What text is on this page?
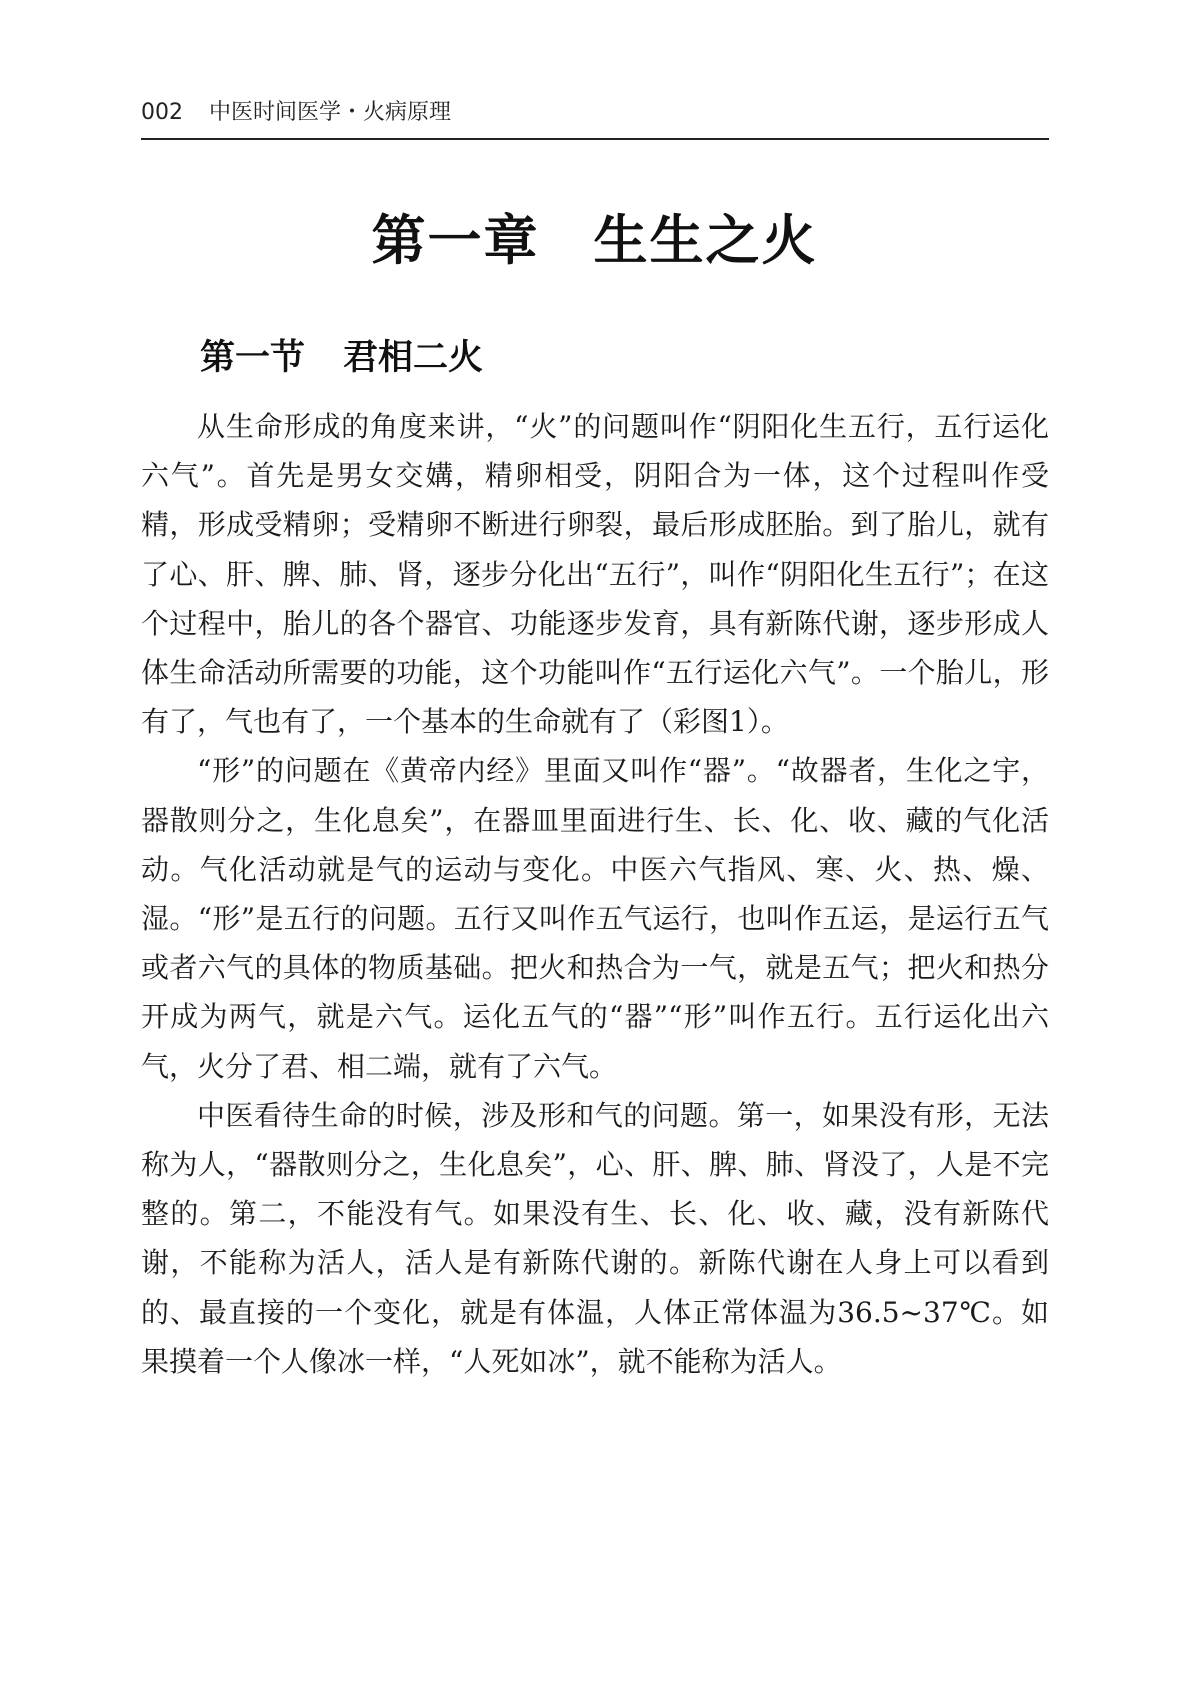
002 中医时间医学・火病原理
第一章 生生之火
第一节 君相二火

从生命形成的角度来讲，“火”的问题叫作“阴阳化生五行，五行运化六气”。首先是男女交媾，精卵相受，阴阳合为一体，这个过程叫作受精，形成受精卵；受精卵不断进行卵裂，最后形成胚胎。到了胎儿，就有了心、肝、脾、肺、肾，逐步分化出“五行”，叫作“阴阳化生五行”；在这个过程中，胎儿的各个器官、功能逐步发育，具有新陈代谢，逐步形成人体生命活动所需要的功能，这个功能叫作“五行运化六气”。一个胎儿，形有了，气也有了，一个基本的生命就有了（彩图1）。

“形”的问题在《黄帝内经》里面又叫作“器”。“故器者，生化之宇，器散则分之，生化息矣”，在器皿里面进行生、长、化、收、藏的气化活动。气化活动就是气的运动与变化。中医六气指风、寒、火、热、燥、湿。“形”是五行的问题。五行又叫作五气运行，也叫作五运，是运行五气或者六气的具体的物质基础。把火和热合为一气，就是五气；把火和热分开成为两气，就是六气。运化五气的“器”“形”叫作五行。五行运化出六气，火分了君、相二端，就有了六气。

中医看待生命的时候，涉及形和气的问题。第一，如果没有形，无法称为人，“器散则分之，生化息矣”，心、肝、脾、肺、肾没了，人是不完整的。第二，不能没有气。如果没有生、长、化、收、藏，没有新陈代谢，不能称为活人，活人是有新陈代谢的。新陈代谢在人身上可以看到的、最直接的一个变化，就是有体温，人体正常体温为36.5~37℃。如果摸着一个人像冰一样，“人死如冰”，就不能称为活人。
